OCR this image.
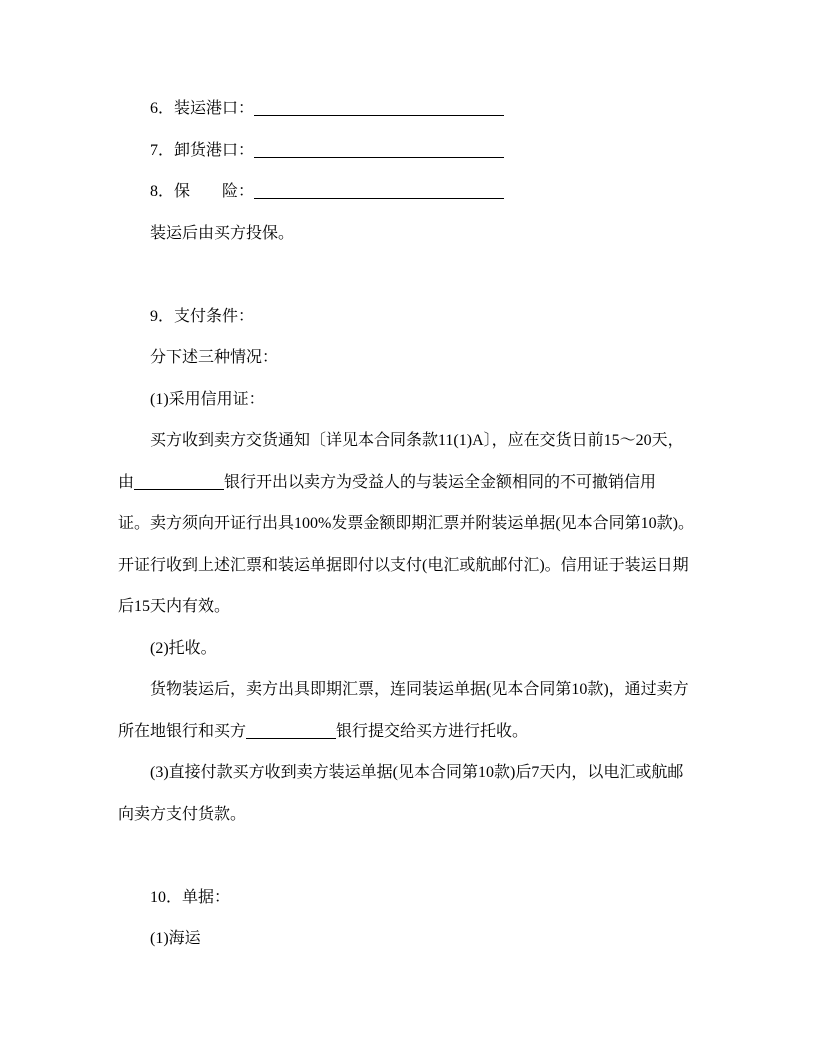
6．装运港口：
7．卸货港口：
8．保　　险：
装运后由买方投保。
9．支付条件：
分下述三种情况：
(1)采用信用证：
买方收到卖方交货通知〔详见本合同条款11(1)A〕，应在交货日前15～20天，
由	银行开出以卖方为受益人的与装运全金额相同的不可撤销信用
证。卖方须向开证行出具100%发票金额即期汇票并附装运单据(见本合同第10款)。
开证行收到上述汇票和装运单据即付以支付(电汇或航邮付汇)。信用证于装运日期
后15天内有效。
(2)托收。
货物装运后，卖方出具即期汇票，连同装运单据(见本合同第10款)，通过卖方
所在地银行和买方	银行提交给买方进行托收。
(3)直接付款买方收到卖方装运单据(见本合同第10款)后7天内，以电汇或航邮
向卖方支付货款。
10．单据：
(1)海运
